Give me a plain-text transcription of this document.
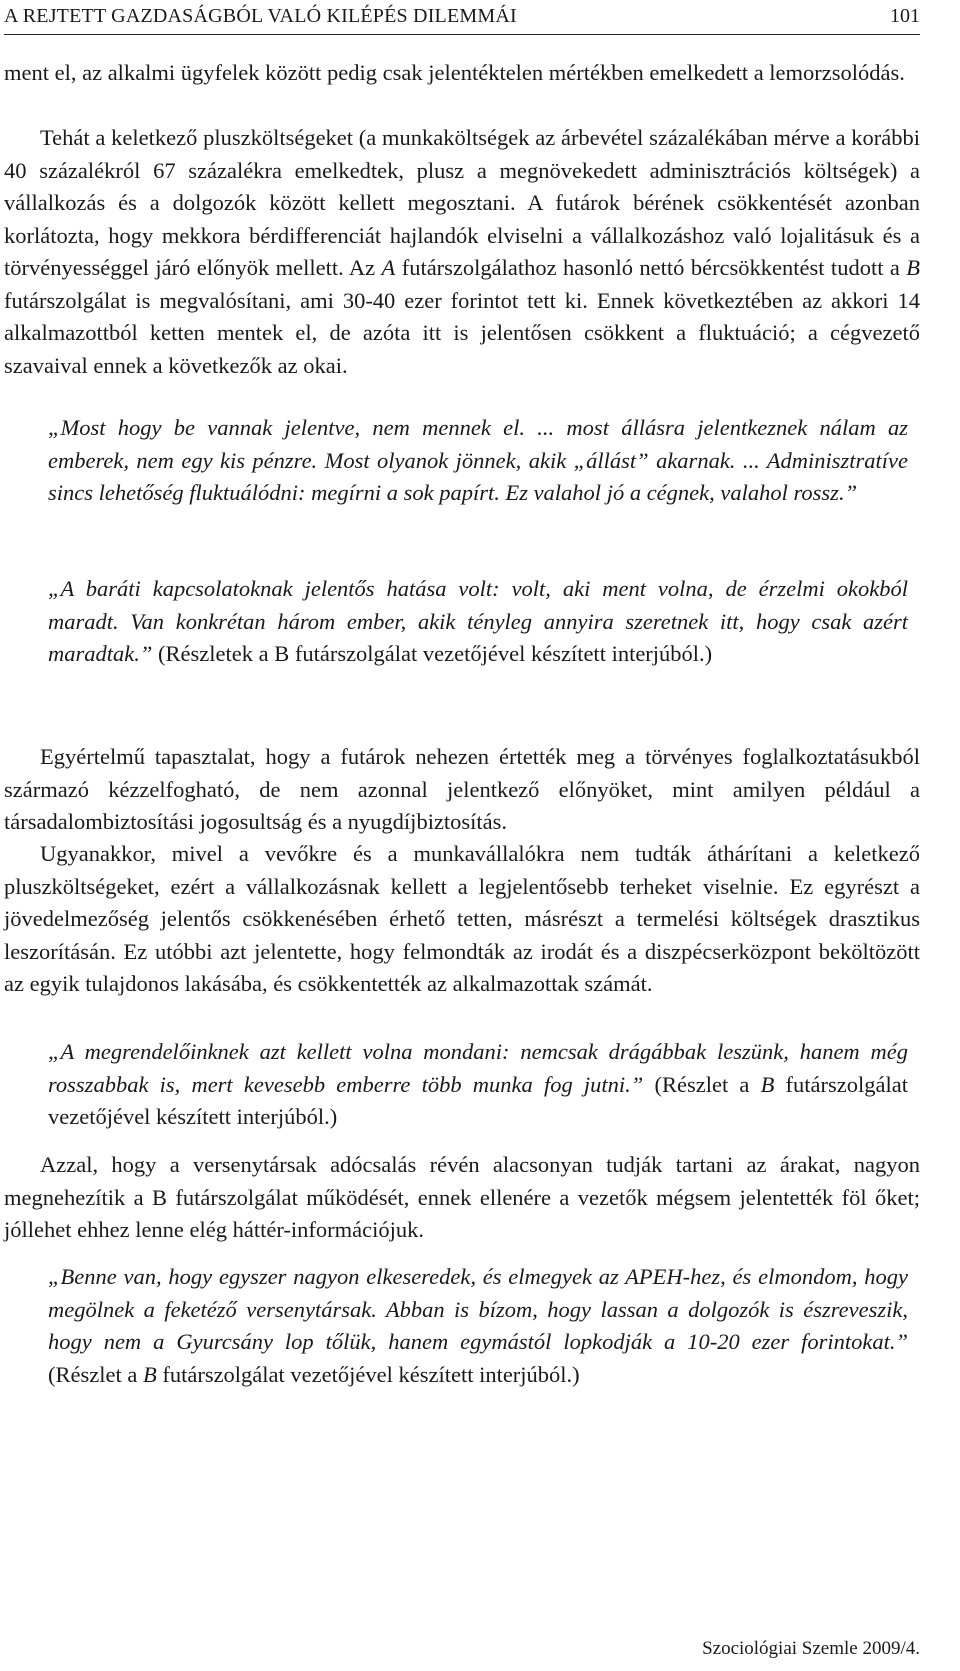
A REJTETT GAZDASÁGBÓL VALÓ KILÉPÉS DILEMMÁI	101

ment el, az alkalmi ügyfelek között pedig csak jelentéktelen mértékben emelkedett a lemorzsolódás.

Tehát a keletkező pluszköltségeket (a munkaköltségek az árbevétel százalékában mérve a korábbi 40 százalékról 67 százalékra emelkedtek, plusz a megnövekedett adminisztrációs költségek) a vállalkozás és a dolgozók között kellett megosztani. A futárok bérének csökkentését azonban korlátozta, hogy mekkora bérdifferenciát hajlandók elviselni a vállalkozáshoz való lojalitásuk és a törvényességgel járó előnyök mellett. Az A futárszolgálathoz hasonló nettó bércsökkentést tudott a B futárszolgálat is megvalósítani, ami 30-40 ezer forintot tett ki. Ennek következtében az akkori 14 alkalmazottból ketten mentek el, de azóta itt is jelentősen csökkent a fluktuáció; a cégvezető szavaival ennek a következők az okai.

„Most hogy be vannak jelentve, nem mennek el. ... most állásra jelentkeznek nálam az emberek, nem egy kis pénzre. Most olyanok jönnek, akik „állást” akarnak. ... Adminisztratíve sincs lehetőség fluktuálódni: megírni a sok papírt. Ez valahol jó a cégnek, valahol rossz.”

„A baráti kapcsolatoknak jelentős hatása volt: volt, aki ment volna, de érzelmi okokból maradt. Van konkrétan három ember, akik tényleg annyira szeretnek itt, hogy csak azért maradtak.” (Részletek a B futárszolgálat vezetőjével készített interjúból.)

Egyértelmű tapasztalat, hogy a futárok nehezen értették meg a törvényes foglalkoztatásukból származó kézzelfogható, de nem azonnal jelentkező előnyöket, mint amilyen például a társadalombiztosítási jogosultság és a nyugdíjbiztosítás.

Ugyanakkor, mivel a vevőkre és a munkavállalókra nem tudták áthárítani a keletkező pluszköltségeket, ezért a vállalkozásnak kellett a legjelentősebb terheket viselnie. Ez egyrészt a jövedelmezőség jelentős csökkenésében érhető tetten, másrészt a termelési költségek drasztikus leszorításán. Ez utóbbi azt jelentette, hogy felmondták az irodát és a diszpécserközpont beköltözött az egyik tulajdonos lakásába, és csökkentették az alkalmazottak számát.

„A megrendelőinknek azt kellett volna mondani: nemcsak drágábbak leszünk, hanem még rosszabbak is, mert kevesebb emberre több munka fog jutni.” (Részlet a B futárszolgálat vezetőjével készített interjúból.)

Azzal, hogy a versenytársak adócsalás révén alacsonyan tudják tartani az árakat, nagyon megnehezítik a B futárszolgálat működését, ennek ellenére a vezetők mégsem jelentették föl őket; jóllehet ehhez lenne elég háttér-információjuk.

„Benne van, hogy egyszer nagyon elkeseredek, és elmegyek az APEH-hez, és elmondom, hogy megölnek a feketéző versenytársak. Abban is bízom, hogy lassan a dolgozók is észreveszik, hogy nem a Gyurcsány lop tőlük, hanem egymástól lopkodják a 10-20 ezer forintokat.” (Részlet a B futárszolgálat vezetőjével készített interjúból.)

Szociológiai Szemle 2009/4.
